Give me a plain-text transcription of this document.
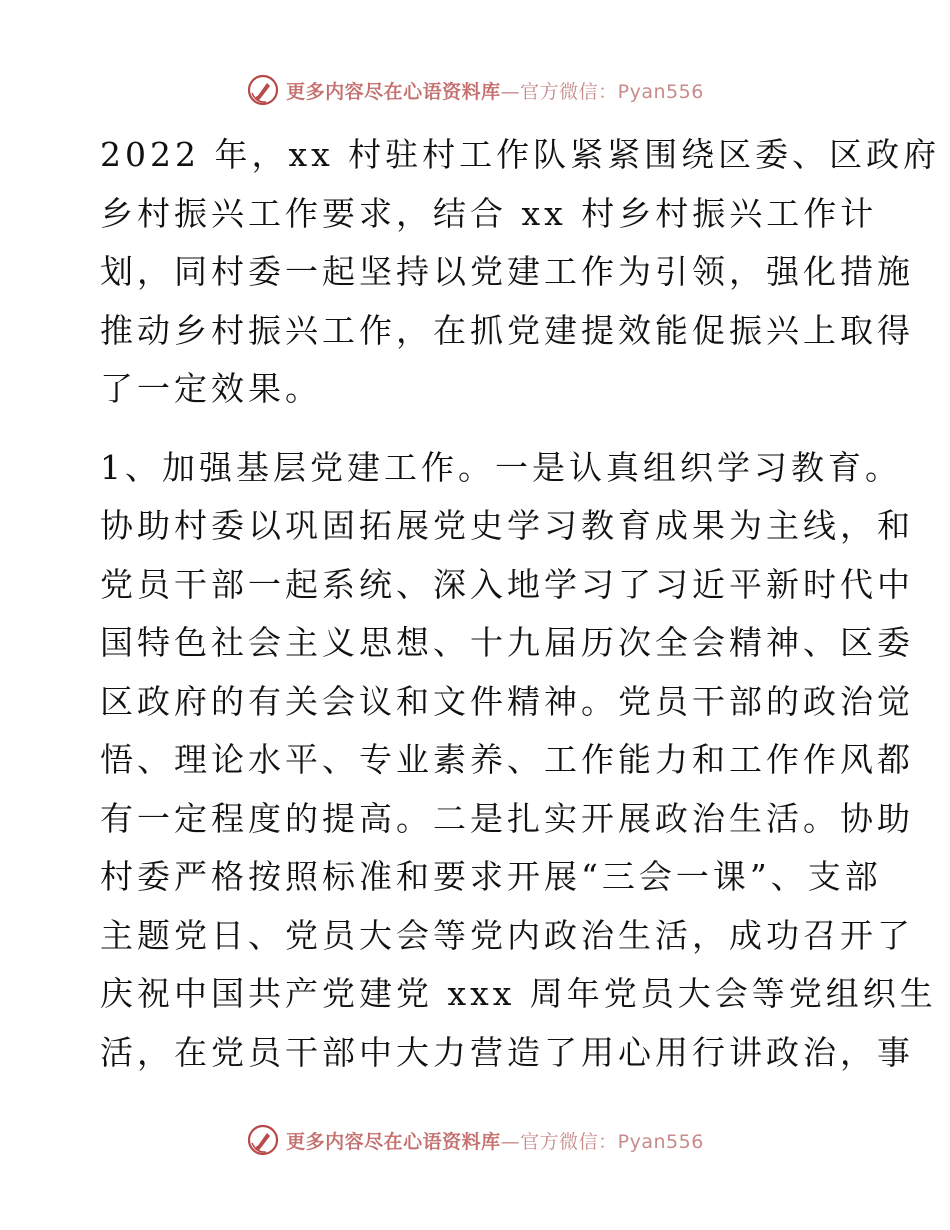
更多内容尽在心语资料库—官方微信：Pyan556

2022 年，xx 村驻村工作队紧紧围绕区委、区政府
乡村振兴工作要求，结合 xx 村乡村振兴工作计
划，同村委一起坚持以党建工作为引领，强化措施
推动乡村振兴工作，在抓党建提效能促振兴上取得
了一定效果。

1、加强基层党建工作。一是认真组织学习教育。
协助村委以巩固拓展党史学习教育成果为主线，和
党员干部一起系统、深入地学习了习近平新时代中
国特色社会主义思想、十九届历次全会精神、区委
区政府的有关会议和文件精神。党员干部的政治觉
悟、理论水平、专业素养、工作能力和工作作风都
有一定程度的提高。二是扎实开展政治生活。协助
村委严格按照标准和要求开展“三会一课”、支部
主题党日、党员大会等党内政治生活，成功召开了
庆祝中国共产党建党 xxx 周年党员大会等党组织生
活，在党员干部中大力营造了用心用行讲政治，事

更多内容尽在心语资料库—官方微信：Pyan556
